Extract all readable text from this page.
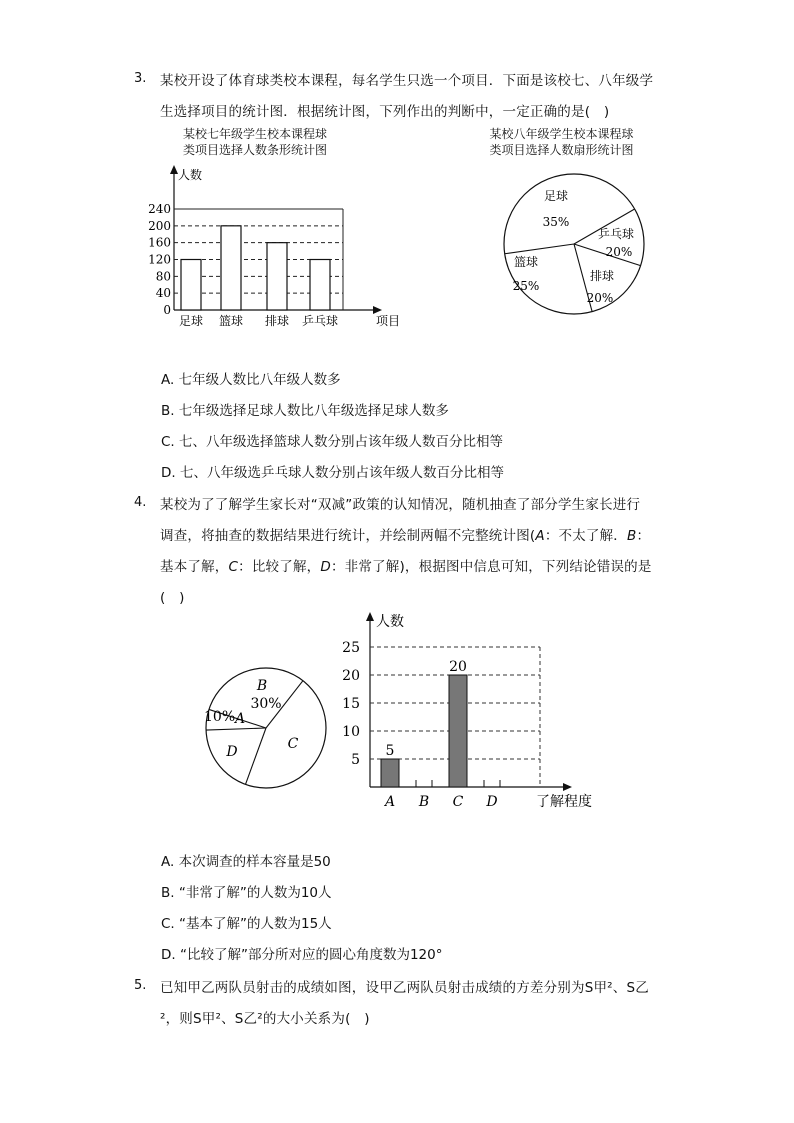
3. 某校开设了体育球类校本课程，每名学生只选一个项目．下面是该校七、八年级学
生选择项目的统计图．根据统计图，下列作出的判断中，一定正确的是(　)
某校七年级学生校本课程球
类项目选择人数条形统计图
某校八年级学生校本课程球
类项目选择人数扇形统计图
人数
项目
0
40
80
120
160
200
240
足球 篮球 排球 乒乓球
足球
35%
乒乓球
20%
排球
20%
篮球
25%
A. 七年级人数比八年级人数多
B. 七年级选择足球人数比八年级选择足球人数多
C. 七、八年级选择篮球人数分别占该年级人数百分比相等
D. 七、八年级选乒乓球人数分别占该年级人数百分比相等
4. 某校为了了解学生家长对“双减”政策的认知情况，随机抽查了部分学生家长进行
调查，将抽查的数据结果进行统计，并绘制两幅不完整统计图(A：不太了解．B：
基本了解，C：比较了解，D：非常了解)，根据图中信息可知，下列结论错误的是
(　)
B
30%
C
D
10% A
人数
了解程度
5
10
15
20
25
5
A B
20
C D
A. 本次调查的样本容量是50
B. “非常了解”的人数为10人
C. “基本了解”的人数为15人
D. “比较了解”部分所对应的圆心角度数为120°
5. 已知甲乙两队员射击的成绩如图，设甲乙两队员射击成绩的方差分别为S甲²、S乙
²，则S甲²、S乙²的大小关系为(　)
